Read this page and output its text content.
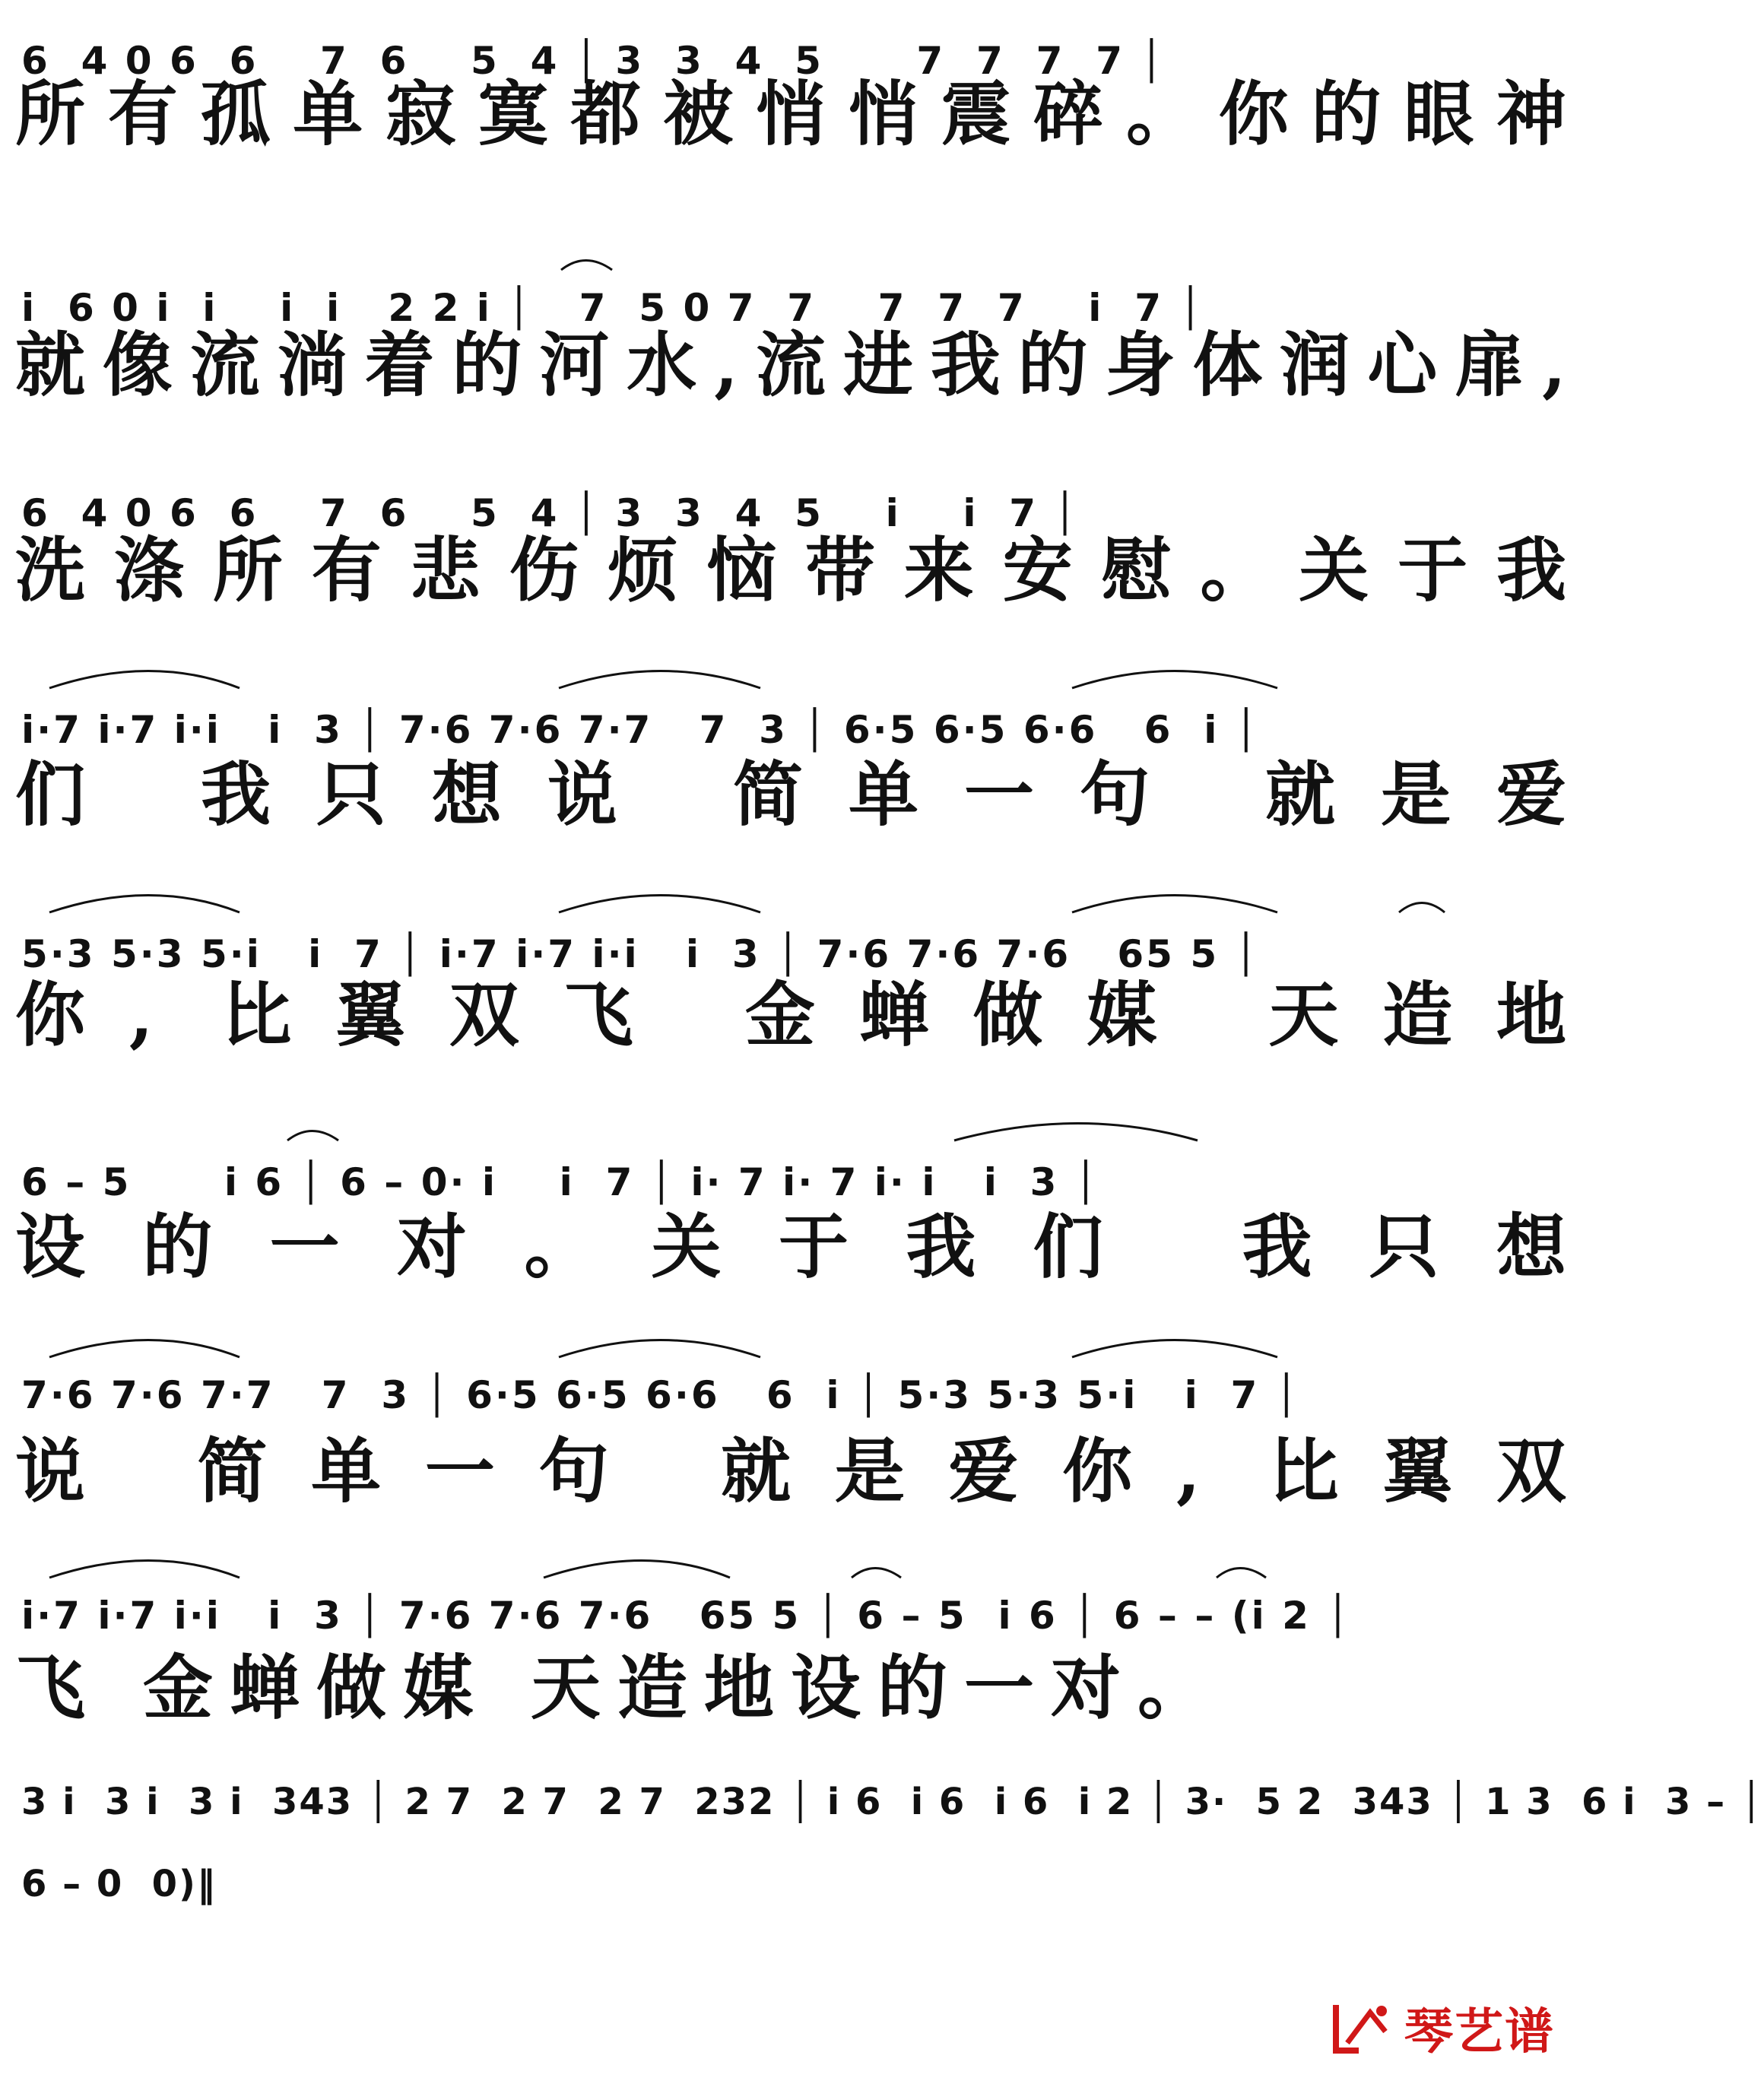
6  4 0 6  6    7  6    5  4 │ 3  3  4  5      7  7  7  7 │
所有孤单寂寞都被悄悄震碎。你的眼神
i  6 0 i  i    i  i   2 2 i │   7  5 0 7  7    7  7  7    i  7 │
就像流淌着的河水,流进我的身体润心扉,
6  4 0 6  6    7  6    5  4 │ 3  3  4  5    i    i  7 │
洗涤所有悲伤烦恼带来安慰。关于我
i·7 i·7 i·i   i  3 │ 7·6 7·6 7·7   7  3 │ 6·5 6·5 6·6   6  i │
们 我只想说 简单一句 就是爱
5·3 5·3 5·i   i  7 │ i·7 i·7 i·i   i  3 │ 7·6 7·6 7·6   65 5 │
你, 比翼双飞 金蝉做媒 天造地
6 – 5      i 6 │ 6 – 0· i    i  7 │ i· 7 i· 7 i· i   i  3 │
设的一对。关于我们 我只想
7·6 7·6 7·7   7  3 │ 6·5 6·5 6·6   6  i │ 5·3 5·3 5·i   i  7 │
说 简单一句 就是爱你, 比翼双
i·7 i·7 i·i   i  3 │ 7·6 7·6 7·6   65 5 │ 6 – 5  i 6 │ 6 – – (i 2 │
飞 金蝉做媒 天造地设的一对。
3 i  3 i  3 i  343 │ 2 7  2 7  2 7  232 │ i 6  i 6  i 6  i 2 │ 3·  5 2  343 │ 1 3  6 i  3 – │
6 – 0  0)‖
琴艺谱
